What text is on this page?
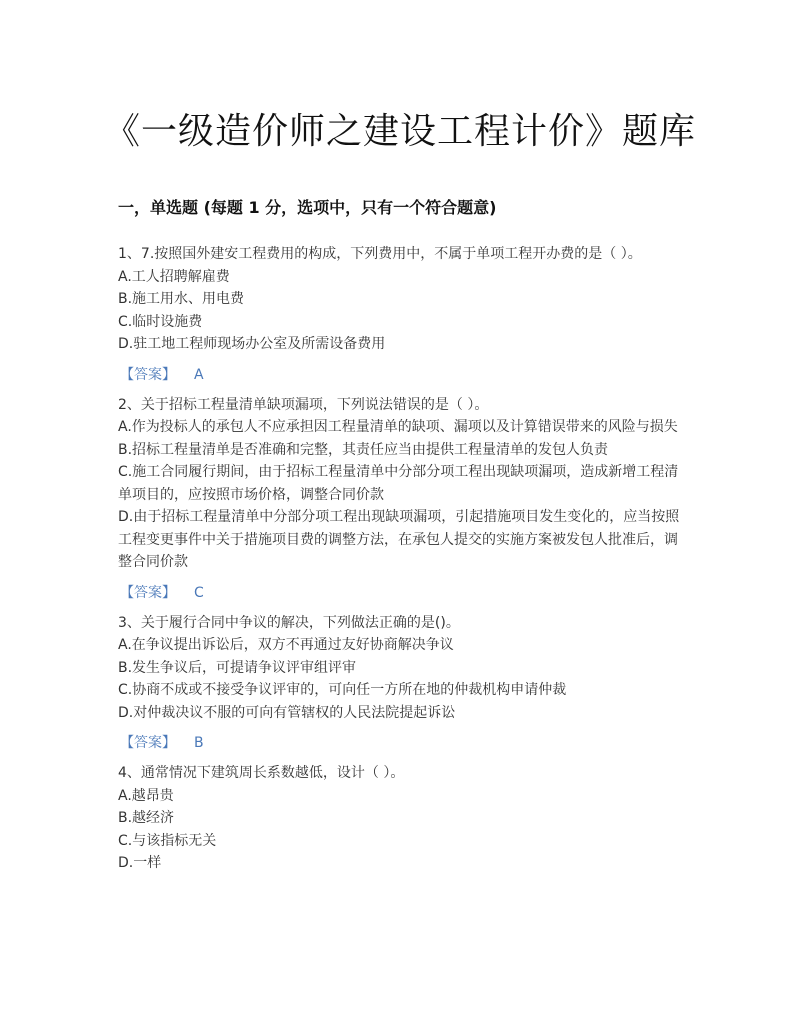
《一级造价师之建设工程计价》题库
一，单选题 (每题 1 分，选项中，只有一个符合题意)
1、7.按照国外建安工程费用的构成，下列费用中，不属于单项工程开办费的是（ ）。
A.工人招聘解雇费
B.施工用水、用电费
C.临时设施费
D.驻工地工程师现场办公室及所需设备费用
【答案】 A
2、关于招标工程量清单缺项漏项，下列说法错误的是（ ）。
A.作为投标人的承包人不应承担因工程量清单的缺项、漏项以及计算错误带来的风险与损失
B.招标工程量清单是否准确和完整，其责任应当由提供工程量清单的发包人负责
C.施工合同履行期间，由于招标工程量清单中分部分项工程出现缺项漏项，造成新增工程清单项目的，应按照市场价格，调整合同价款
D.由于招标工程量清单中分部分项工程出现缺项漏项，引起措施项目发生变化的，应当按照工程变更事件中关于措施项目费的调整方法，在承包人提交的实施方案被发包人批准后，调整合同价款
【答案】 C
3、关于履行合同中争议的解决，下列做法正确的是()。
A.在争议提出诉讼后，双方不再通过友好协商解决争议
B.发生争议后，可提请争议评审组评审
C.协商不成或不接受争议评审的，可向任一方所在地的仲裁机构申请仲裁
D.对仲裁决议不服的可向有管辖权的人民法院提起诉讼
【答案】 B
4、通常情况下建筑周长系数越低，设计（ ）。
A.越昂贵
B.越经济
C.与该指标无关
D.一样
